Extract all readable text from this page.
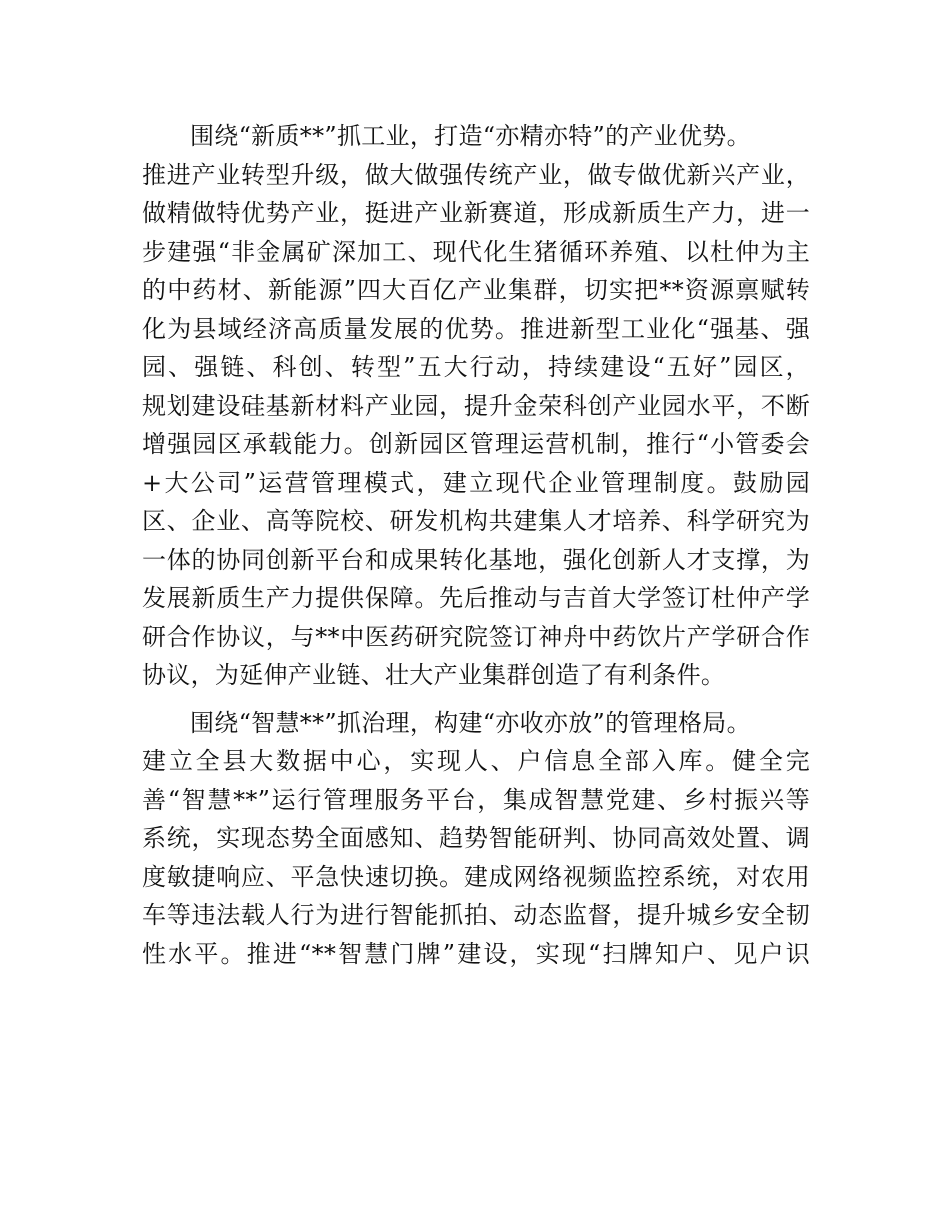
围绕“新质**”抓工业，打造“亦精亦特”的产业优势。
推进产业转型升级，做大做强传统产业，做专做优新兴产业，
做精做特优势产业，挺进产业新赛道，形成新质生产力，进一
步建强“非金属矿深加工、现代化生猪循环养殖、以杜仲为主
的中药材、新能源”四大百亿产业集群，切实把**资源禀赋转
化为县域经济高质量发展的优势。推进新型工业化“强基、强
园、强链、科创、转型”五大行动，持续建设“五好”园区，
规划建设硅基新材料产业园，提升金荣科创产业园水平，不断
增强园区承载能力。创新园区管理运营机制，推行“小管委会
+大公司”运营管理模式，建立现代企业管理制度。鼓励园
区、企业、高等院校、研发机构共建集人才培养、科学研究为
一体的协同创新平台和成果转化基地，强化创新人才支撑，为
发展新质生产力提供保障。先后推动与吉首大学签订杜仲产学
研合作协议，与**中医药研究院签订神舟中药饮片产学研合作
协议，为延伸产业链、壮大产业集群创造了有利条件。

围绕“智慧**”抓治理，构建“亦收亦放”的管理格局。
建立全县大数据中心，实现人、户信息全部入库。健全完
善“智慧**”运行管理服务平台，集成智慧党建、乡村振兴等
系统，实现态势全面感知、趋势智能研判、协同高效处置、调
度敏捷响应、平急快速切换。建成网络视频监控系统，对农用
车等违法载人行为进行智能抓拍、动态监督，提升城乡安全韧
性水平。推进“**智慧门牌”建设，实现“扫牌知户、见户识
